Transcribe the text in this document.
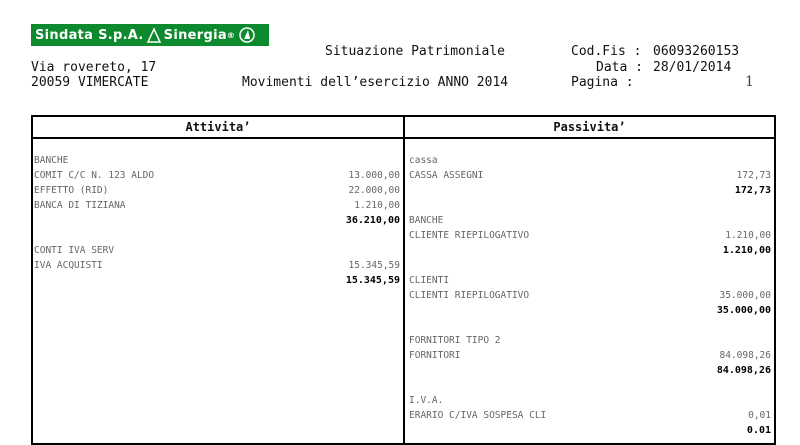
Sindata S.p.A. Sinergia ®
Via rovereto, 17
20059 VIMERCATE
Situazione Patrimoniale
Movimenti dell’esercizio ANNO 2014
Cod.Fis : 06093260153
Data : 28/01/2014
Pagina :	1
Attivita’
BANCHE
COMIT C/C N. 123 ALDO	13.000,00
EFFETTO (RID)	22.000,00
BANCA DI TIZIANA	1.210,00
36.210,00
CONTI IVA SERV
IVA ACQUISTI	15.345,59
15.345,59
Passivita’
cassa
CASSA ASSEGNI	172,73
172,73
BANCHE
CLIENTE RIEPILOGATIVO	1.210,00
1.210,00
CLIENTI
CLIENTI RIEPILOGATIVO	35.000,00
35.000,00
FORNITORI TIPO 2
FORNITORI	84.098,26
84.098,26
I.V.A.
ERARIO C/IVA SOSPESA CLI	0,01
0.01
